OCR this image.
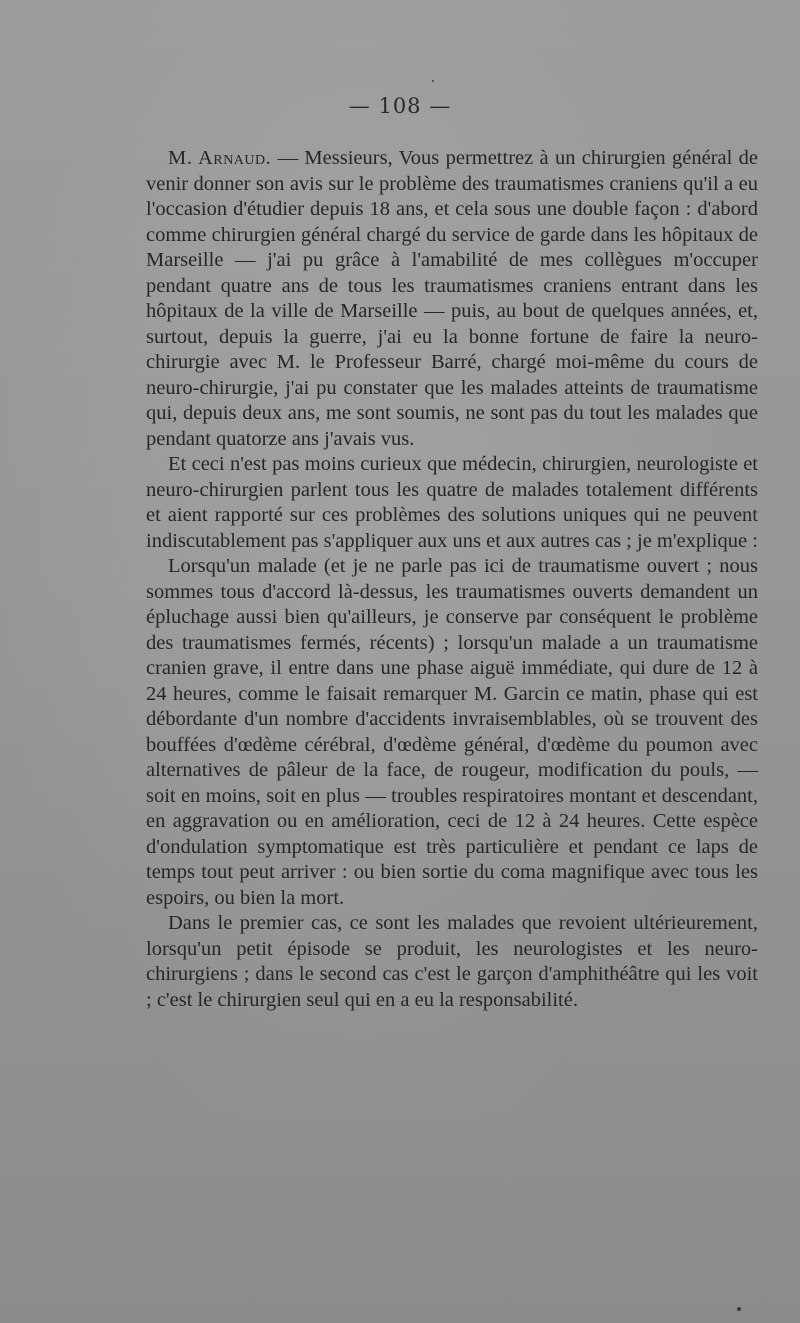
— 108 —

M. Arnaud. — Messieurs, Vous permettrez à un chirurgien général de venir donner son avis sur le problème des traumatismes craniens qu'il a eu l'occasion d'étudier depuis 18 ans, et cela sous une double façon : d'abord comme chirurgien général chargé du service de garde dans les hôpitaux de Marseille — j'ai pu grâce à l'amabilité de mes collègues m'occuper pendant quatre ans de tous les traumatismes craniens entrant dans les hôpitaux de la ville de Marseille — puis, au bout de quelques années, et, surtout, depuis la guerre, j'ai eu la bonne fortune de faire la neuro-chirurgie avec M. le Professeur Barré, chargé moi-même du cours de neuro-chirurgie, j'ai pu constater que les malades atteints de traumatisme qui, depuis deux ans, me sont soumis, ne sont pas du tout les malades que pendant quatorze ans j'avais vus.

Et ceci n'est pas moins curieux que médecin, chirurgien, neurologiste et neuro-chirurgien parlent tous les quatre de malades totalement différents et aient rapporté sur ces problèmes des solutions uniques qui ne peuvent indiscutablement pas s'appliquer aux uns et aux autres cas ; je m'explique :

Lorsqu'un malade (et je ne parle pas ici de traumatisme ouvert ; nous sommes tous d'accord là-dessus, les traumatismes ouverts demandent un épluchage aussi bien qu'ailleurs, je conserve par conséquent le problème des traumatismes fermés, récents) ; lorsqu'un malade a un traumatisme cranien grave, il entre dans une phase aiguë immédiate, qui dure de 12 à 24 heures, comme le faisait remarquer M. Garcin ce matin, phase qui est débordante d'un nombre d'accidents invraisemblables, où se trouvent des bouffées d'œdème cérébral, d'œdème général, d'œdème du poumon avec alternatives de pâleur de la face, de rougeur, modification du pouls, — soit en moins, soit en plus — troubles respiratoires montant et descendant, en aggravation ou en amélioration, ceci de 12 à 24 heures. Cette espèce d'ondulation symptomatique est très particulière et pendant ce laps de temps tout peut arriver : ou bien sortie du coma magnifique avec tous les espoirs, ou bien la mort.

Dans le premier cas, ce sont les malades que revoient ultérieurement, lorsqu'un petit épisode se produit, les neurologistes et les neuro-chirurgiens ; dans le second cas c'est le garçon d'amphithéâtre qui les voit ; c'est le chirurgien seul qui en a eu la responsabilité.
